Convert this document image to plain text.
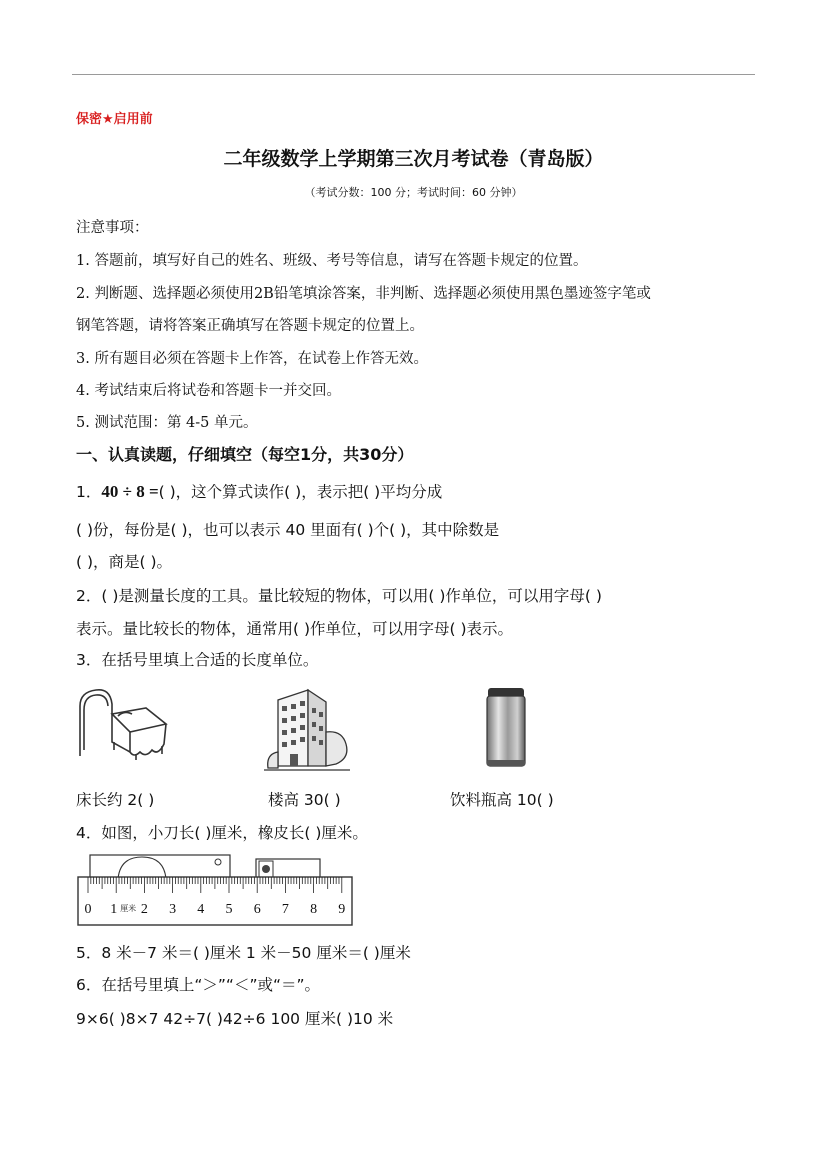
保密★启用前
二年级数学上学期第三次月考试卷（青岛版）
（考试分数：100 分；考试时间：60 分钟）
注意事项：
1. 答题前，填写好自己的姓名、班级、考号等信息，请写在答题卡规定的位置。
2. 判断题、选择题必须使用2B铅笔填涂答案，非判断、选择题必须使用黑色墨迹签字笔或
钢笔答题，请将答案正确填写在答题卡规定的位置上。
3. 所有题目必须在答题卡上作答，在试卷上作答无效。
4. 考试结束后将试卷和答题卡一并交回。
5. 测试范围：第 4-5 单元。
一、认真读题，仔细填空（每空1分，共30分）
1．40 ÷ 8 =( )，这个算式读作( )，表示把( )平均分成
( )份，每份是( )，也可以表示 40 里面有( )个( )，其中除数是
( )，商是( )。
2．( )是测量长度的工具。量比较短的物体，可以用( )作单位，可以用字母( )
表示。量比较长的物体，通常用( )作单位，可以用字母( )表示。
3．在括号里填上合适的长度单位。
床长约 2( )	楼高 30( )	饮料瓶高 10( )
4．如图，小刀长( )厘米，橡皮长( )厘米。
0 1 2 3 4 5 6 7 8 9
厘米
5．8 米－7 米＝( )厘米 1 米－50 厘米＝( )厘米
6．在括号里填上“＞”“＜”或“＝”。
9×6( )8×7 42÷7( )42÷6 100 厘米( )10 米
